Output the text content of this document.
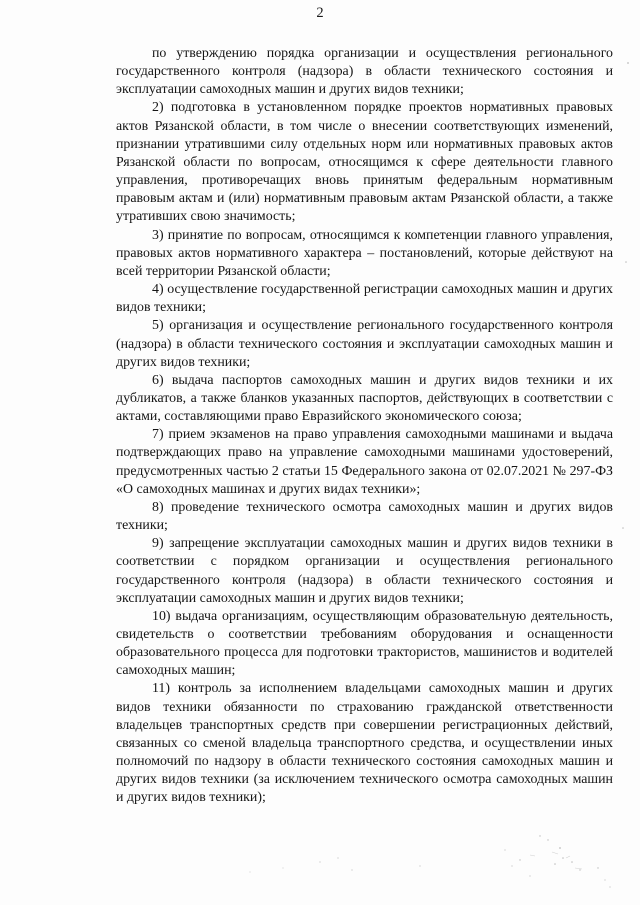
2

по утверждению порядка организации и осуществления регионального государственного контроля (надзора) в области технического состояния и эксплуатации самоходных машин и других видов техники;

2) подготовка в установленном порядке проектов нормативных правовых актов Рязанской области, в том числе о внесении соответствующих изменений, признании утратившими силу отдельных норм или нормативных правовых актов Рязанской области по вопросам, относящимся к сфере деятельности главного управления, противоречащих вновь принятым федеральным нормативным правовым актам и (или) нормативным правовым актам Рязанской области, а также утративших свою значимость;

3) принятие по вопросам, относящимся к компетенции главного управления, правовых актов нормативного характера – постановлений, которые действуют на всей территории Рязанской области;

4) осуществление государственной регистрации самоходных машин и других видов техники;

5) организация и осуществление регионального государственного контроля (надзора) в области технического состояния и эксплуатации самоходных машин и других видов техники;

6) выдача паспортов самоходных машин и других видов техники и их дубликатов, а также бланков указанных паспортов, действующих в соответствии с актами, составляющими право Евразийского экономического союза;

7) прием экзаменов на право управления самоходными машинами и выдача подтверждающих право на управление самоходными машинами удостоверений, предусмотренных частью 2 статьи 15 Федерального закона от 02.07.2021 № 297-ФЗ «О самоходных машинах и других видах техники»;

8) проведение технического осмотра самоходных машин и других видов техники;

9) запрещение эксплуатации самоходных машин и других видов техники в соответствии с порядком организации и осуществления регионального государственного контроля (надзора) в области технического состояния и эксплуатации самоходных машин и других видов техники;

10) выдача организациям, осуществляющим образовательную деятельность, свидетельств о соответствии требованиям оборудования и оснащенности образовательного процесса для подготовки трактористов, машинистов и водителей самоходных машин;

11) контроль за исполнением владельцами самоходных машин и других видов техники обязанности по страхованию гражданской ответственности владельцев транспортных средств при совершении регистрационных действий, связанных со сменой владельца транспортного средства, и осуществлении иных полномочий по надзору в области технического состояния самоходных машин и других видов техники (за исключением технического осмотра самоходных машин и других видов техники);
